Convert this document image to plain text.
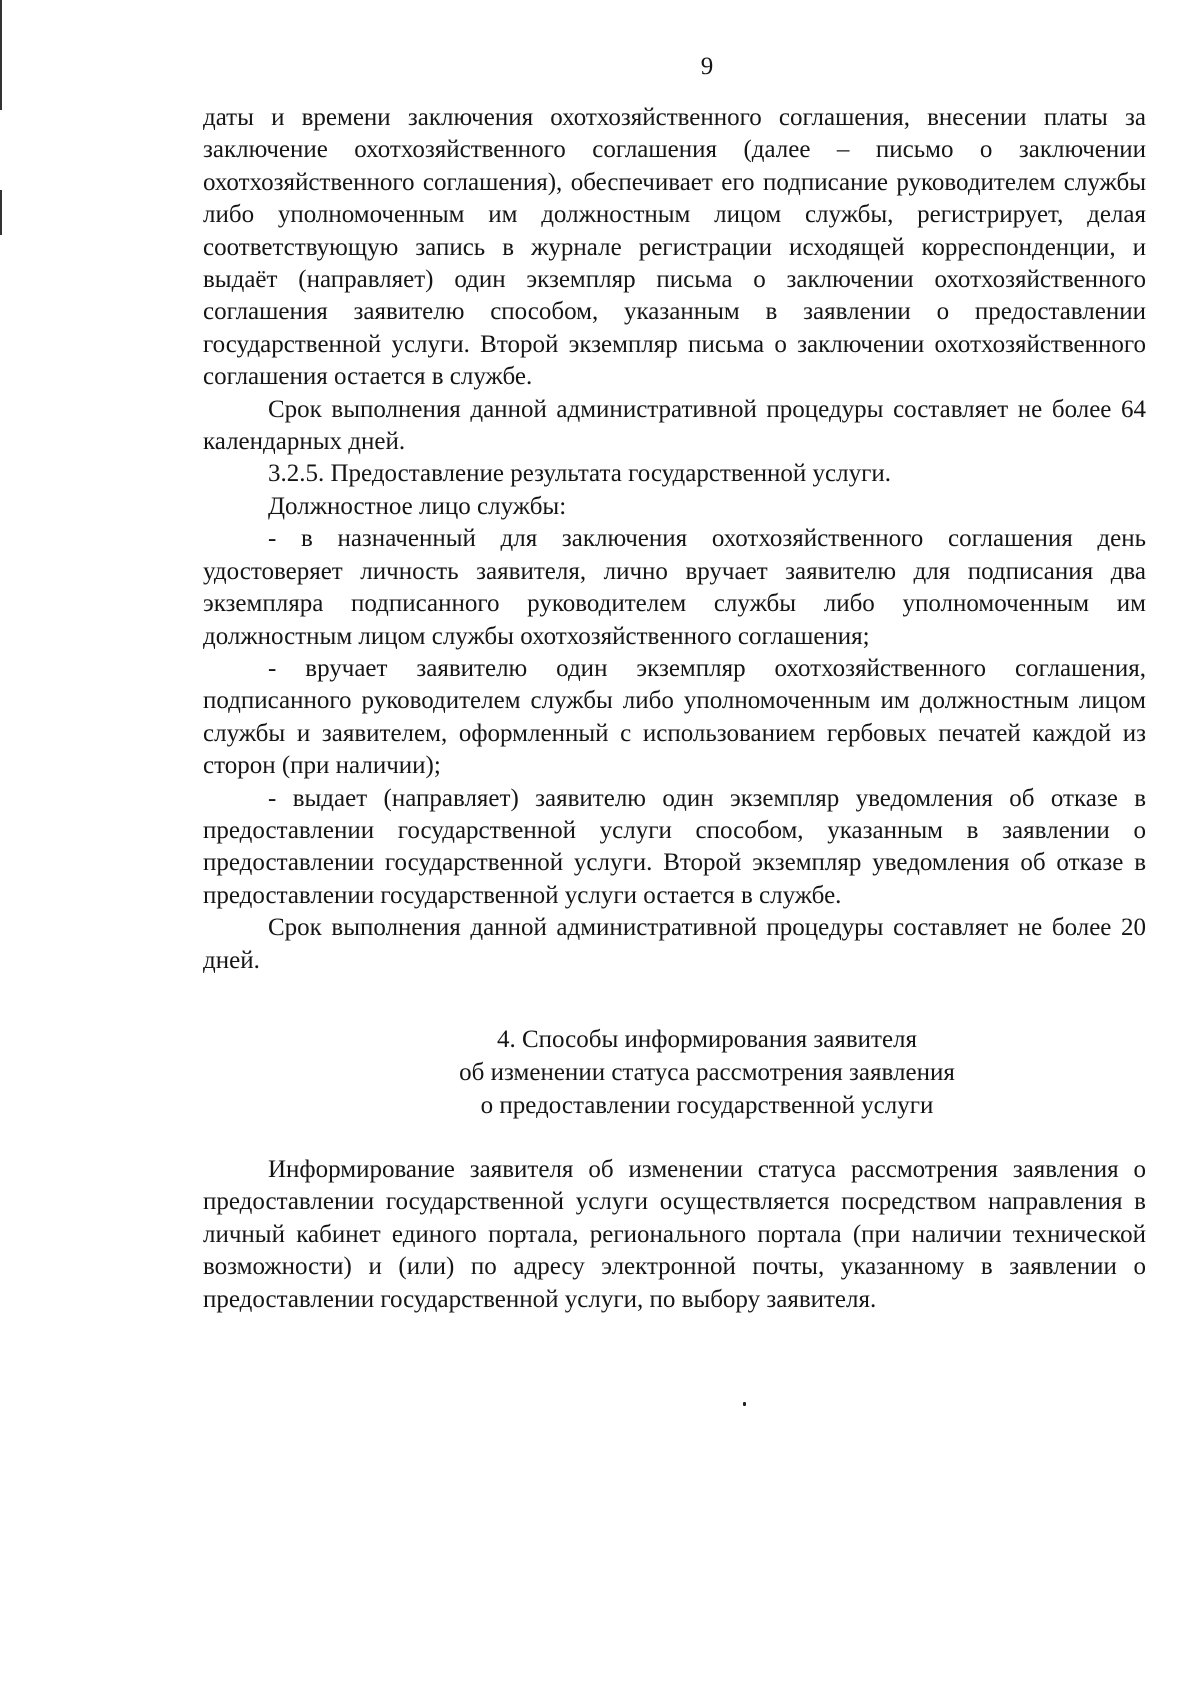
9

даты и времени заключения охотхозяйственного соглашения, внесении платы за заключение охотхозяйственного соглашения (далее – письмо о заключении охотхозяйственного соглашения), обеспечивает его подписание руководителем службы либо уполномоченным им должностным лицом службы, регистрирует, делая соответствующую запись в журнале регистрации исходящей корреспонденции, и выдаёт (направляет) один экземпляр письма о заключении охотхозяйственного соглашения заявителю способом, указанным в заявлении о предоставлении государственной услуги. Второй экземпляр письма о заключении охотхозяйственного соглашения остается в службе.

Срок выполнения данной административной процедуры составляет не более 64 календарных дней.

3.2.5. Предоставление результата государственной услуги.

Должностное лицо службы:

- в назначенный для заключения охотхозяйственного соглашения день удостоверяет личность заявителя, лично вручает заявителю для подписания два экземпляра подписанного руководителем службы либо уполномоченным им должностным лицом службы охотхозяйственного соглашения;

- вручает заявителю один экземпляр охотхозяйственного соглашения, подписанного руководителем службы либо уполномоченным им должностным лицом службы и заявителем, оформленный с использованием гербовых печатей каждой из сторон (при наличии);

- выдает (направляет) заявителю один экземпляр уведомления об отказе в предоставлении государственной услуги способом, указанным в заявлении о предоставлении государственной услуги. Второй экземпляр уведомления об отказе в предоставлении государственной услуги остается в службе.

Срок выполнения данной административной процедуры составляет не более 20 дней.

4. Способы информирования заявителя
об изменении статуса рассмотрения заявления
о предоставлении государственной услуги

Информирование заявителя об изменении статуса рассмотрения заявления о предоставлении государственной услуги осуществляется посредством направления в личный кабинет единого портала, регионального портала (при наличии технической возможности) и (или) по адресу электронной почты, указанному в заявлении о предоставлении государственной услуги, по выбору заявителя.
